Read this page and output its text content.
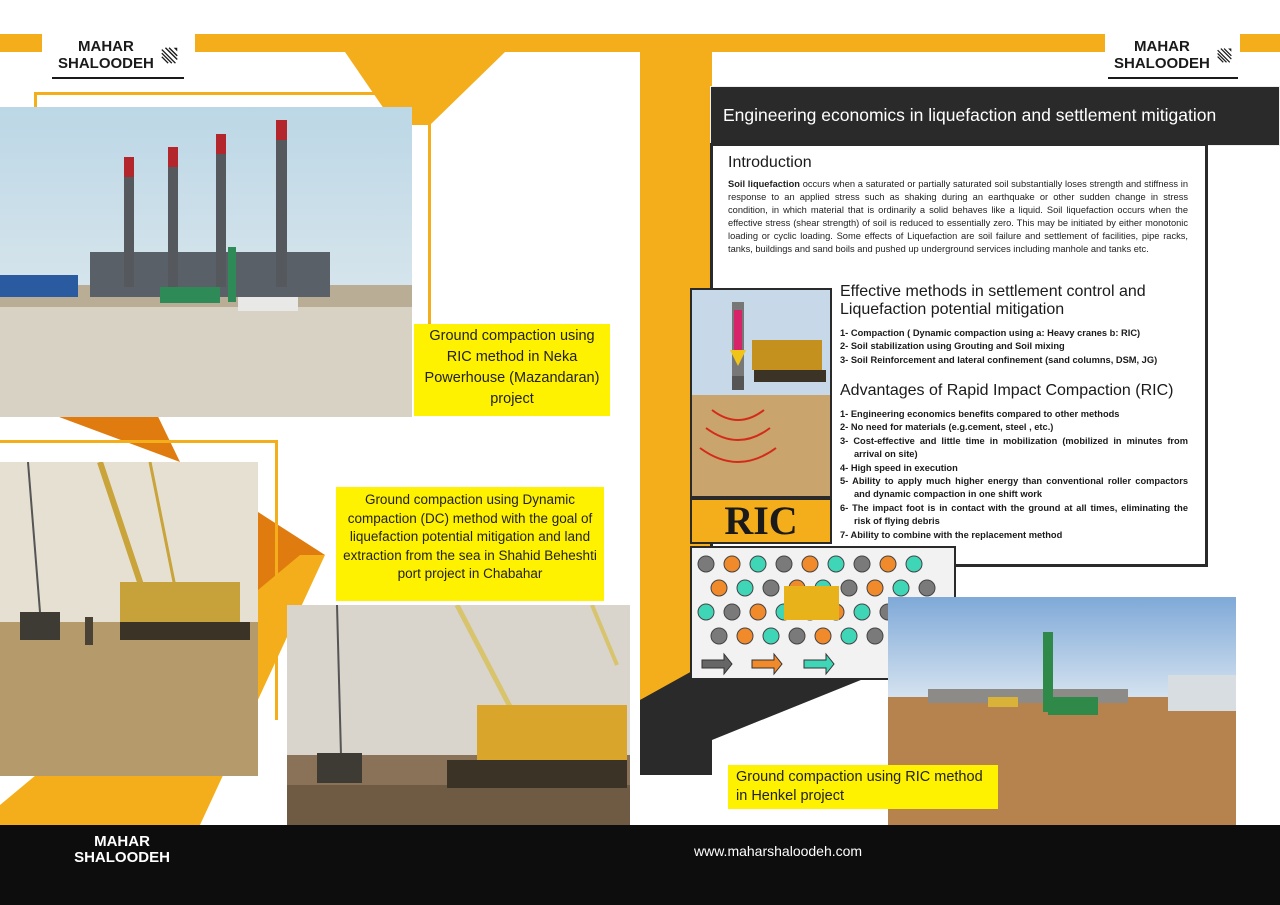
MAHAR
SHALOODEH
MAHAR
SHALOODEH
Ground compaction using RIC method in Neka Powerhouse (Mazandaran) project
Ground compaction using Dynamic compaction (DC) method with the goal of liquefaction potential mitigation and land extraction from the sea in Shahid Beheshti port project in Chabahar
Engineering economics in liquefaction and settlement mitigation
Introduction
Soil liquefaction occurs when a saturated or partially saturated soil substantially loses strength and stiffness in response to an applied stress such as shaking during an earthquake or other sudden change in stress condition, in which material that is ordinarily a solid behaves like a liquid. Soil liquefaction occurs when the effective stress (shear strength) of soil is reduced to essentially zero. This may be initiated by either monotonic loading or cyclic loading. Some effects of Liquefaction are soil failure and settlement of facilities, pipe racks, tanks, buildings and sand boils and pushed up underground services including manhole and tanks etc.
Effective methods in settlement control and Liquefaction potential mitigation
1- Compaction ( Dynamic compaction using a: Heavy cranes b: RIC)
2- Soil stabilization using Grouting and Soil mixing
3- Soil Reinforcement and lateral confinement (sand columns, DSM, JG)
Advantages of Rapid Impact Compaction (RIC)
1- Engineering economics benefits compared to other methods
2- No need for materials (e.g.cement, steel , etc.)
3- Cost-effective and little time in mobilization (mobilized in minutes from arrival on site)
4- High speed in execution
5- Ability to apply much higher energy than conventional roller compactors and dynamic compaction in one shift work
6- The impact foot is in contact with the ground at all times, eliminating the risk of flying debris
7- Ability to combine with the replacement method
RIC
Ground compaction using RIC method in Henkel project
MAHAR
SHALOODEH	www.maharshaloodeh.com
